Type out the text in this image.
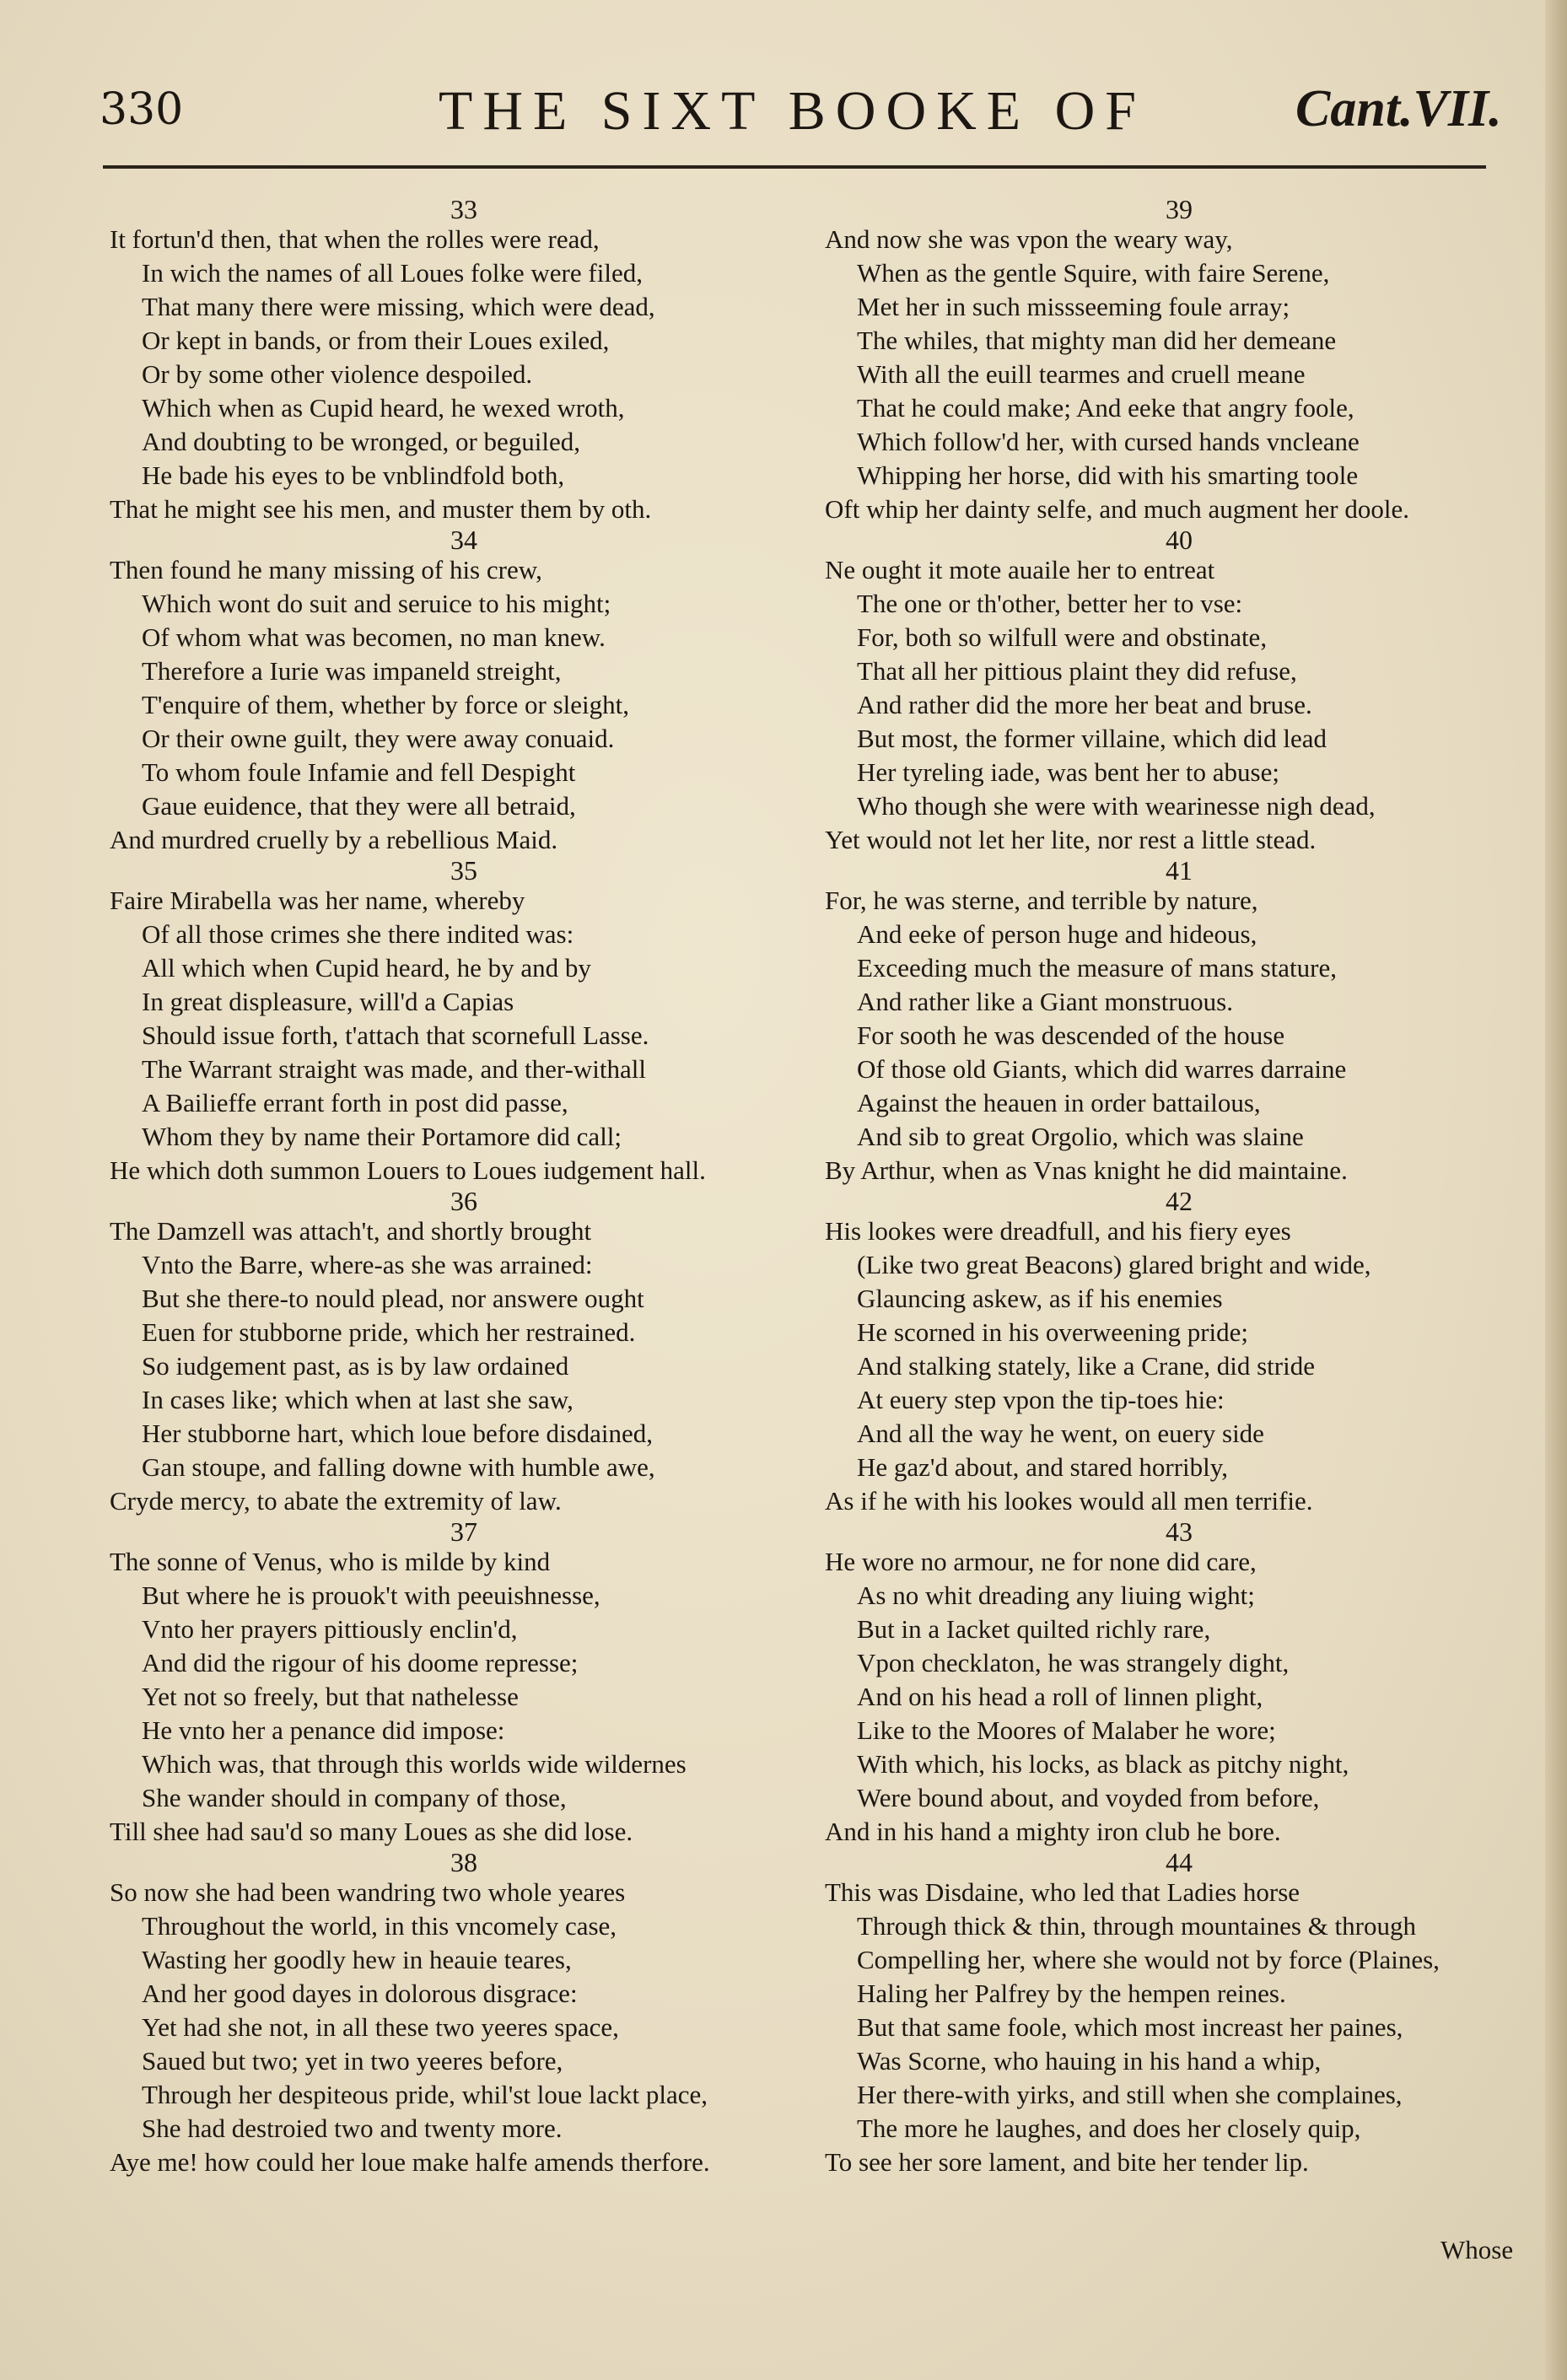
330	THE SIXT BOOKE OF	Cant.VII.
33
It fortun'd then, that when the rolles were read,
In wich the names of all Loues folke were filed,
That many there were missing, which were dead,
Or kept in bands, or from their Loues exiled,
Or by some other violence despoiled.
Which when as Cupid heard, he wexed wroth,
And doubting to be wronged, or beguiled,
He bade his eyes to be vnblindfold both,
That he might see his men, and muster them by oth.
34
Then found he many missing of his crew,
Which wont do suit and seruice to his might;
Of whom what was becomen, no man knew.
Therefore a Iurie was impaneld streight,
T'enquire of them, whether by force or sleight,
Or their owne guilt, they were away conuaid.
To whom foule Infamie and fell Despight
Gaue euidence, that they were all betraid,
And murdred cruelly by a rebellious Maid.
35
Faire Mirabella was her name, whereby
Of all those crimes she there indited was:
All which when Cupid heard, he by and by
In great displeasure, will'd a Capias
Should issue forth, t'attach that scornefull Lasse.
The Warrant straight was made, and ther-withall
A Bailieffe errant forth in post did passe,
Whom they by name their Portamore did call;
He which doth summon Louers to Loues iudgement hall.
36
The Damzell was attach't, and shortly brought
Vnto the Barre, where-as she was arrained:
But she there-to nould plead, nor answere ought
Euen for stubborne pride, which her restrained.
So iudgement past, as is by law ordained
In cases like; which when at last she saw,
Her stubborne hart, which loue before disdained,
Gan stoupe, and falling downe with humble awe,
Cryde mercy, to abate the extremity of law.
37
The sonne of Venus, who is milde by kind
But where he is prouok't with peeuishnesse,
Vnto her prayers pittiously enclin'd,
And did the rigour of his doome represse;
Yet not so freely, but that nathelesse
He vnto her a penance did impose:
Which was, that through this worlds wide wildernes
She wander should in company of those,
Till shee had sau'd so many Loues as she did lose.
38
So now she had been wandring two whole yeares
Throughout the world, in this vncomely case,
Wasting her goodly hew in heauie teares,
And her good dayes in dolorous disgrace:
Yet had she not, in all these two yeeres space,
Saued but two; yet in two yeeres before,
Through her despiteous pride, whil'st loue lackt place,
She had destroied two and twenty more.
Aye me! how could her loue make halfe amends therfore.
39
And now she was vpon the weary way,
When as the gentle Squire, with faire Serene,
Met her in such missseeming foule array;
The whiles, that mighty man did her demeane
With all the euill tearmes and cruell meane
That he could make; And eeke that angry foole,
Which follow'd her, with cursed hands vncleane
Whipping her horse, did with his smarting toole
Oft whip her dainty selfe, and much augment her doole.
40
Ne ought it mote auaile her to entreat
The one or th'other, better her to vse:
For, both so wilfull were and obstinate,
That all her pittious plaint they did refuse,
And rather did the more her beat and bruse.
But most, the former villaine, which did lead
Her tyreling iade, was bent her to abuse;
Who though she were with wearinesse nigh dead,
Yet would not let her lite, nor rest a little stead.
41
For, he was sterne, and terrible by nature,
And eeke of person huge and hideous,
Exceeding much the measure of mans stature,
And rather like a Giant monstruous.
For sooth he was descended of the house
Of those old Giants, which did warres darraine
Against the heauen in order battailous,
And sib to great Orgolio, which was slaine
By Arthur, when as Vnas knight he did maintaine.
42
His lookes were dreadfull, and his fiery eyes
(Like two great Beacons) glared bright and wide,
Glauncing askew, as if his enemies
He scorned in his overweening pride;
And stalking stately, like a Crane, did stride
At euery step vpon the tip-toes hie:
And all the way he went, on euery side
He gaz'd about, and stared horribly,
As if he with his lookes would all men terrifie.
43
He wore no armour, ne for none did care,
As no whit dreading any liuing wight;
But in a Iacket quilted richly rare,
Vpon checklaton, he was strangely dight,
And on his head a roll of linnen plight,
Like to the Moores of Malaber he wore;
With which, his locks, as black as pitchy night,
Were bound about, and voyded from before,
And in his hand a mighty iron club he bore.
44
This was Disdaine, who led that Ladies horse
Through thick & thin, through mountaines & through
Compelling her, where she would not by force (Plaines,
Haling her Palfrey by the hempen reines.
But that same foole, which most increast her paines,
Was Scorne, who hauing in his hand a whip,
Her there-with yirks, and still when she complaines,
The more he laughes, and does her closely quip,
To see her sore lament, and bite her tender lip.
Whose
